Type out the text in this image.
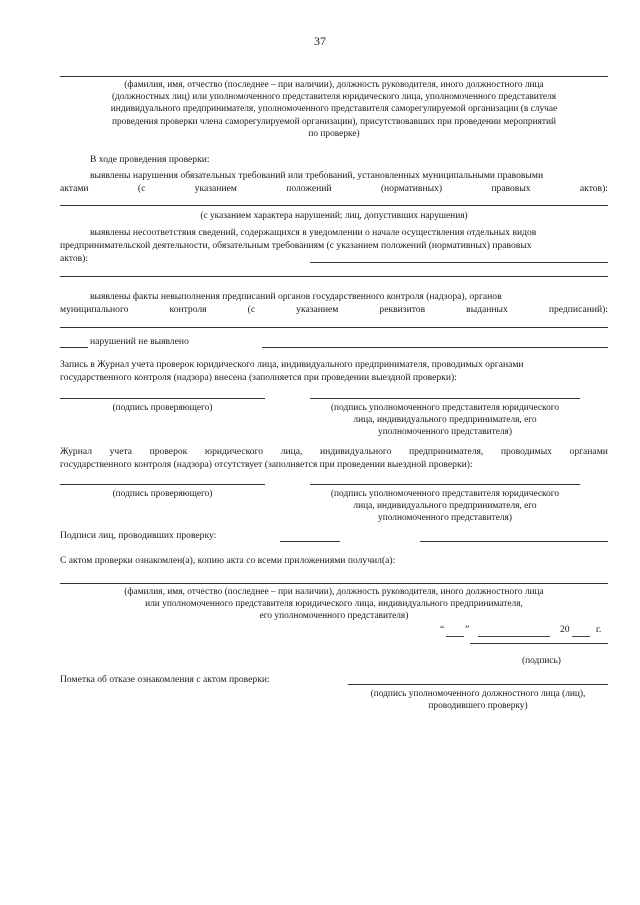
37
(фамилия, имя, отчество (последнее – при наличии), должность руководителя, иного должностного лица
(должностных лиц) или уполномоченного представителя юридического лица, уполномоченного представителя
индивидуального предпринимателя, уполномоченного представителя саморегулируемой организации (в случае
проведения проверки члена саморегулируемой организации), присутствовавших при проведении мероприятий
по проверке)
В ходе проведения проверки:
выявлены нарушения обязательных требований или требований, установленных муниципальными правовыми
актами	(с	указанием	положений	(нормативных)	правовых	актов):
(с указанием характера нарушений; лиц, допустивших нарушения)
выявлены несоответствия сведений, содержащихся в уведомлении о начале осуществления отдельных видов
предпринимательской деятельности, обязательным требованиям (с указанием положений (нормативных) правовых
актов):
выявлены факты невыполнения предписаний органов государственного контроля (надзора), органов
муниципального	контроля	(с	указанием	реквизитов	выданных	предписаний):
нарушений не выявлено
Запись в Журнал учета проверок юридического лица, индивидуального предпринимателя, проводимых органами
государственного контроля (надзора) внесена (заполняется при проведении выездной проверки):
(подпись проверяющего)	(подпись уполномоченного представителя юридического
лица, индивидуального предпринимателя, его
уполномоченного представителя)
Журнал учета проверок юридического лица, индивидуального предпринимателя, проводимых органами
государственного контроля (надзора) отсутствует (заполняется при проведении выездной проверки):
(подпись проверяющего)	(подпись уполномоченного представителя юридического
лица, индивидуального предпринимателя, его
уполномоченного представителя)
Подписи лиц, проводивших проверку:
С актом проверки ознакомлен(а), копию акта со всеми приложениями получил(а):
(фамилия, имя, отчество (последнее – при наличии), должность руководителя, иного должностного лица
или уполномоченного представителя юридического лица, индивидуального предпринимателя,
его уполномоченного представителя)
“ ”	20	г.
(подпись)
Пометка об отказе ознакомления с актом проверки:
(подпись уполномоченного должностного лица (лиц),
проводившего проверку)
